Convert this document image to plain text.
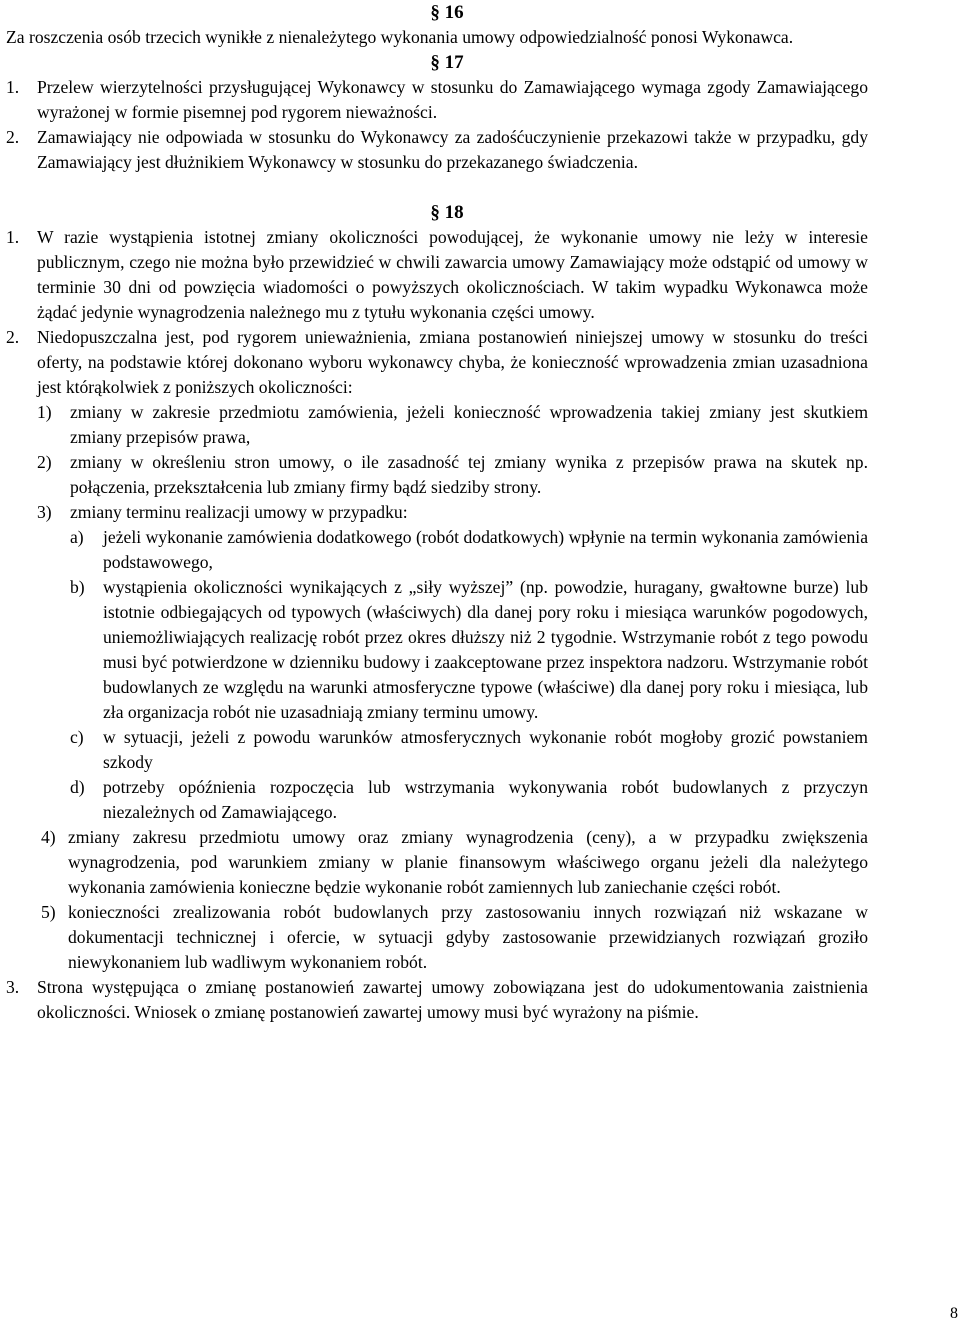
§ 16

Za roszczenia osób trzecich wynikłe z nienależytego wykonania umowy odpowiedzialność ponosi Wykonawca.

§ 17
1.	Przelew wierzytelności przysługującej Wykonawcy w stosunku do Zamawiającego wymaga zgody Zamawiającego wyrażonej w formie pisemnej pod rygorem nieważności.
2.	Zamawiający nie odpowiada w stosunku do Wykonawcy za zadośćuczynienie przekazowi także w przypadku, gdy Zamawiający jest dłużnikiem Wykonawcy w stosunku do przekazanego świadczenia.
§ 18
1.	W razie wystąpienia istotnej zmiany okoliczności powodującej, że wykonanie umowy nie leży w interesie publicznym, czego nie można było przewidzieć w chwili zawarcia umowy Zamawiający może odstąpić od umowy w terminie 30 dni od powzięcia wiadomości o powyższych okolicznościach. W takim wypadku Wykonawca może żądać jedynie wynagrodzenia należnego mu z tytułu wykonania części umowy.
2.	Niedopuszczalna jest, pod rygorem unieważnienia, zmiana postanowień niniejszej umowy w stosunku do treści oferty, na podstawie której dokonano wyboru wykonawcy chyba, że konieczność wprowadzenia zmian uzasadniona jest którąkolwiek z poniższych okoliczności:
1)	zmiany w zakresie przedmiotu zamówienia, jeżeli konieczność wprowadzenia takiej zmiany jest skutkiem zmiany przepisów prawa,
2)	zmiany w określeniu stron umowy, o ile zasadność tej zmiany wynika z przepisów prawa na skutek np. połączenia, przekształcenia lub zmiany firmy bądź siedziby strony.
3)	zmiany terminu realizacji umowy w przypadku:
a)	jeżeli wykonanie zamówienia dodatkowego (robót dodatkowych) wpłynie na termin wykonania zamówienia podstawowego,
b)	wystąpienia okoliczności wynikających z „siły wyższej” (np. powodzie, huragany, gwałtowne burze) lub istotnie odbiegających od typowych (właściwych) dla danej pory roku i miesiąca warunków pogodowych, uniemożliwiających realizację robót przez okres dłuższy niż 2 tygodnie. Wstrzymanie robót z tego powodu musi być potwierdzone w dzienniku budowy i zaakceptowane przez inspektora nadzoru. Wstrzymanie robót budowlanych ze względu na warunki atmosferyczne typowe (właściwe) dla danej pory roku i miesiąca, lub zła organizacja robót nie uzasadniają zmiany terminu umowy.
c)	w sytuacji, jeżeli z powodu warunków atmosferycznych wykonanie robót mogłoby grozić powstaniem szkody
d)	potrzeby opóźnienia rozpoczęcia lub wstrzymania wykonywania robót budowlanych z przyczyn niezależnych od Zamawiającego.
4) zmiany zakresu przedmiotu umowy oraz zmiany wynagrodzenia (ceny), a w przypadku zwiększenia wynagrodzenia, pod warunkiem zmiany w planie finansowym właściwego organu jeżeli dla należytego wykonania zamówienia konieczne będzie wykonanie robót zamiennych lub zaniechanie części robót.
5) konieczności zrealizowania robót budowlanych przy zastosowaniu innych rozwiązań niż wskazane w dokumentacji technicznej i ofercie, w sytuacji gdyby zastosowanie przewidzianych rozwiązań groziło niewykonaniem lub wadliwym wykonaniem robót.
3.	Strona występująca o zmianę postanowień zawartej umowy zobowiązana jest do udokumentowania zaistnienia okoliczności. Wniosek o zmianę postanowień zawartej umowy musi być wyrażony na piśmie.
8
